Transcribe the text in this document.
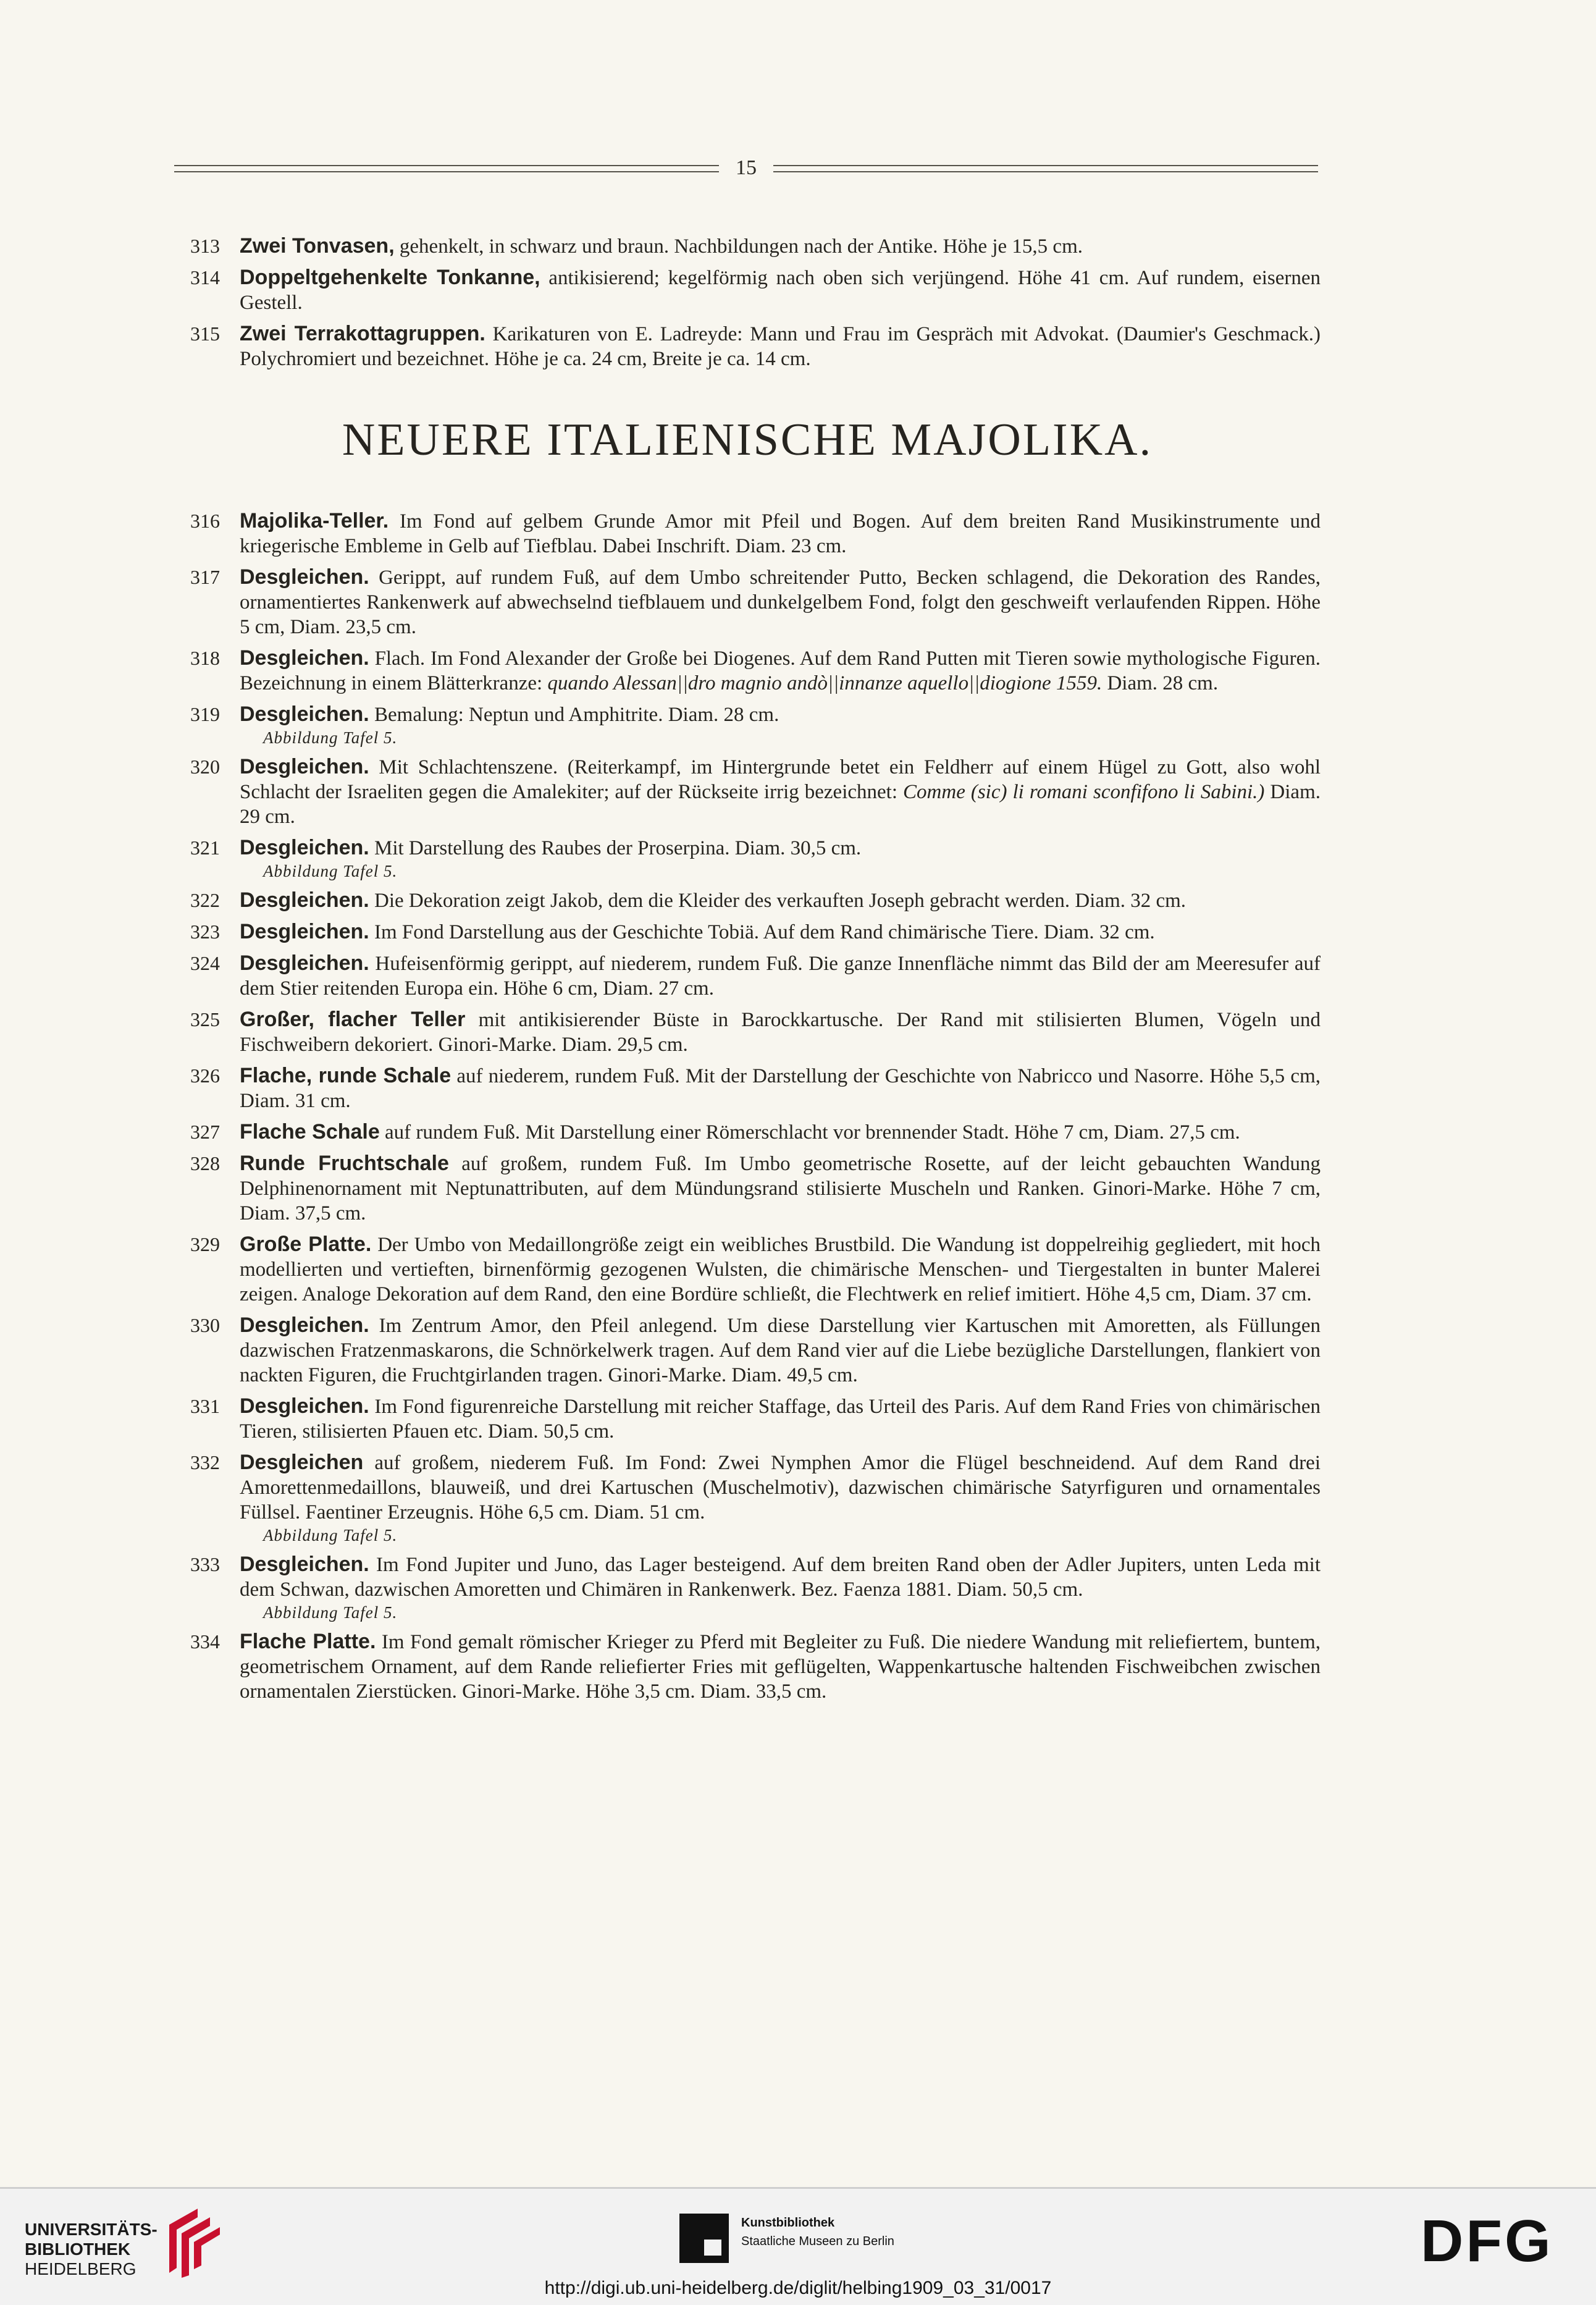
15
313 Zwei Tonvasen, gehenkelt, in schwarz und braun. Nachbildungen nach der Antike. Höhe je 15,5 cm.
314 Doppeltgehenkelte Tonkanne, antikisierend; kegelförmig nach oben sich verjüngend. Höhe 41 cm. Auf rundem, eisernen Gestell.
315 Zwei Terrakottagruppen. Karikaturen von E. Ladreyde: Mann und Frau im Gespräch mit Advokat. (Daumier's Geschmack.) Polychromiert und bezeichnet. Höhe je ca. 24 cm, Breite je ca. 14 cm.
NEUERE ITALIENISCHE MAJOLIKA.
316 Majolika-Teller. Im Fond auf gelbem Grunde Amor mit Pfeil und Bogen. Auf dem breiten Rand Musikinstrumente und kriegerische Embleme in Gelb auf Tiefblau. Dabei Inschrift. Diam. 23 cm.
317 Desgleichen. Gerippt, auf rundem Fuß, auf dem Umbo schreitender Putto, Becken schlagend, die Dekoration des Randes, ornamentiertes Rankenwerk auf abwechselnd tiefblauem und dunkelgelbem Fond, folgt den geschweift verlaufenden Rippen. Höhe 5 cm, Diam. 23,5 cm.
318 Desgleichen. Flach. Im Fond Alexander der Große bei Diogenes. Auf dem Rand Putten mit Tieren sowie mythologische Figuren. Bezeichnung in einem Blätterkranze: quando Alessan||dro magnio andò||innanze aquello||diogione 1559. Diam. 28 cm.
319 Desgleichen. Bemalung: Neptun und Amphitrite. Diam. 28 cm.
Abbildung Tafel 5.
320 Desgleichen. Mit Schlachtenszene. (Reiterkampf, im Hintergrunde betet ein Feldherr auf einem Hügel zu Gott, also wohl Schlacht der Israeliten gegen die Amalekiter; auf der Rückseite irrig bezeichnet: Comme (sic) li romani sconfifono li Sabini.) Diam. 29 cm.
321 Desgleichen. Mit Darstellung des Raubes der Proserpina. Diam. 30,5 cm.
Abbildung Tafel 5.
322 Desgleichen. Die Dekoration zeigt Jakob, dem die Kleider des verkauften Joseph gebracht werden. Diam. 32 cm.
323 Desgleichen. Im Fond Darstellung aus der Geschichte Tobiä. Auf dem Rand chimärische Tiere. Diam. 32 cm.
324 Desgleichen. Hufeisenförmig gerippt, auf niederem, rundem Fuß. Die ganze Innenfläche nimmt das Bild der am Meeresufer auf dem Stier reitenden Europa ein. Höhe 6 cm, Diam. 27 cm.
325 Großer, flacher Teller mit antikisierender Büste in Barockkartusche. Der Rand mit stilisierten Blumen, Vögeln und Fischweibern dekoriert. Ginori-Marke. Diam. 29,5 cm.
326 Flache, runde Schale auf niederem, rundem Fuß. Mit der Darstellung der Geschichte von Nabricco und Nasorre. Höhe 5,5 cm, Diam. 31 cm.
327 Flache Schale auf rundem Fuß. Mit Darstellung einer Römerschlacht vor brennender Stadt. Höhe 7 cm, Diam. 27,5 cm.
328 Runde Fruchtschale auf großem, rundem Fuß. Im Umbo geometrische Rosette, auf der leicht gebauchten Wandung Delphinenornament mit Neptunattributen, auf dem Mündungsrand stilisierte Muscheln und Ranken. Ginori-Marke. Höhe 7 cm, Diam. 37,5 cm.
329 Große Platte. Der Umbo von Medaillongröße zeigt ein weibliches Brustbild. Die Wandung ist doppelreihig gegliedert, mit hoch modellierten und vertieften, birnenförmig gezogenen Wulsten, die chimärische Menschen- und Tiergestalten in bunter Malerei zeigen. Analoge Dekoration auf dem Rand, den eine Bordüre schließt, die Flechtwerk en relief imitiert. Höhe 4,5 cm, Diam. 37 cm.
330 Desgleichen. Im Zentrum Amor, den Pfeil anlegend. Um diese Darstellung vier Kartuschen mit Amoretten, als Füllungen dazwischen Fratzenmaskarons, die Schnörkelwerk tragen. Auf dem Rand vier auf die Liebe bezügliche Darstellungen, flankiert von nackten Figuren, die Fruchtgirlanden tragen. Ginori-Marke. Diam. 49,5 cm.
331 Desgleichen. Im Fond figurenreiche Darstellung mit reicher Staffage, das Urteil des Paris. Auf dem Rand Fries von chimärischen Tieren, stilisierten Pfauen etc. Diam. 50,5 cm.
332 Desgleichen auf großem, niederem Fuß. Im Fond: Zwei Nymphen Amor die Flügel beschneidend. Auf dem Rand drei Amorettenmedaillons, blauweiß, und drei Kartuschen (Muschelmotiv), dazwischen chimärische Satyrfiguren und ornamentales Füllsel. Faentiner Erzeugnis. Höhe 6,5 cm. Diam. 51 cm.
Abbildung Tafel 5.
333 Desgleichen. Im Fond Jupiter und Juno, das Lager besteigend. Auf dem breiten Rand oben der Adler Jupiters, unten Leda mit dem Schwan, dazwischen Amoretten und Chimären in Rankenwerk. Bez. Faenza 1881. Diam. 50,5 cm.
Abbildung Tafel 5.
334 Flache Platte. Im Fond gemalt römischer Krieger zu Pferd mit Begleiter zu Fuß. Die niedere Wandung mit reliefiertem, buntem, geometrischem Ornament, auf dem Rande reliefierter Fries mit geflügelten, Wappenkartusche haltenden Fischweibchen zwischen ornamentalen Zierstücken. Ginori-Marke. Höhe 3,5 cm. Diam. 33,5 cm.
UNIVERSITÄTS-
BIBLIOTHEK
HEIDELBERG
Kunstbibliothek
Staatliche Museen zu Berlin	DFG
http://digi.ub.uni-heidelberg.de/diglit/helbing1909_03_31/0017
